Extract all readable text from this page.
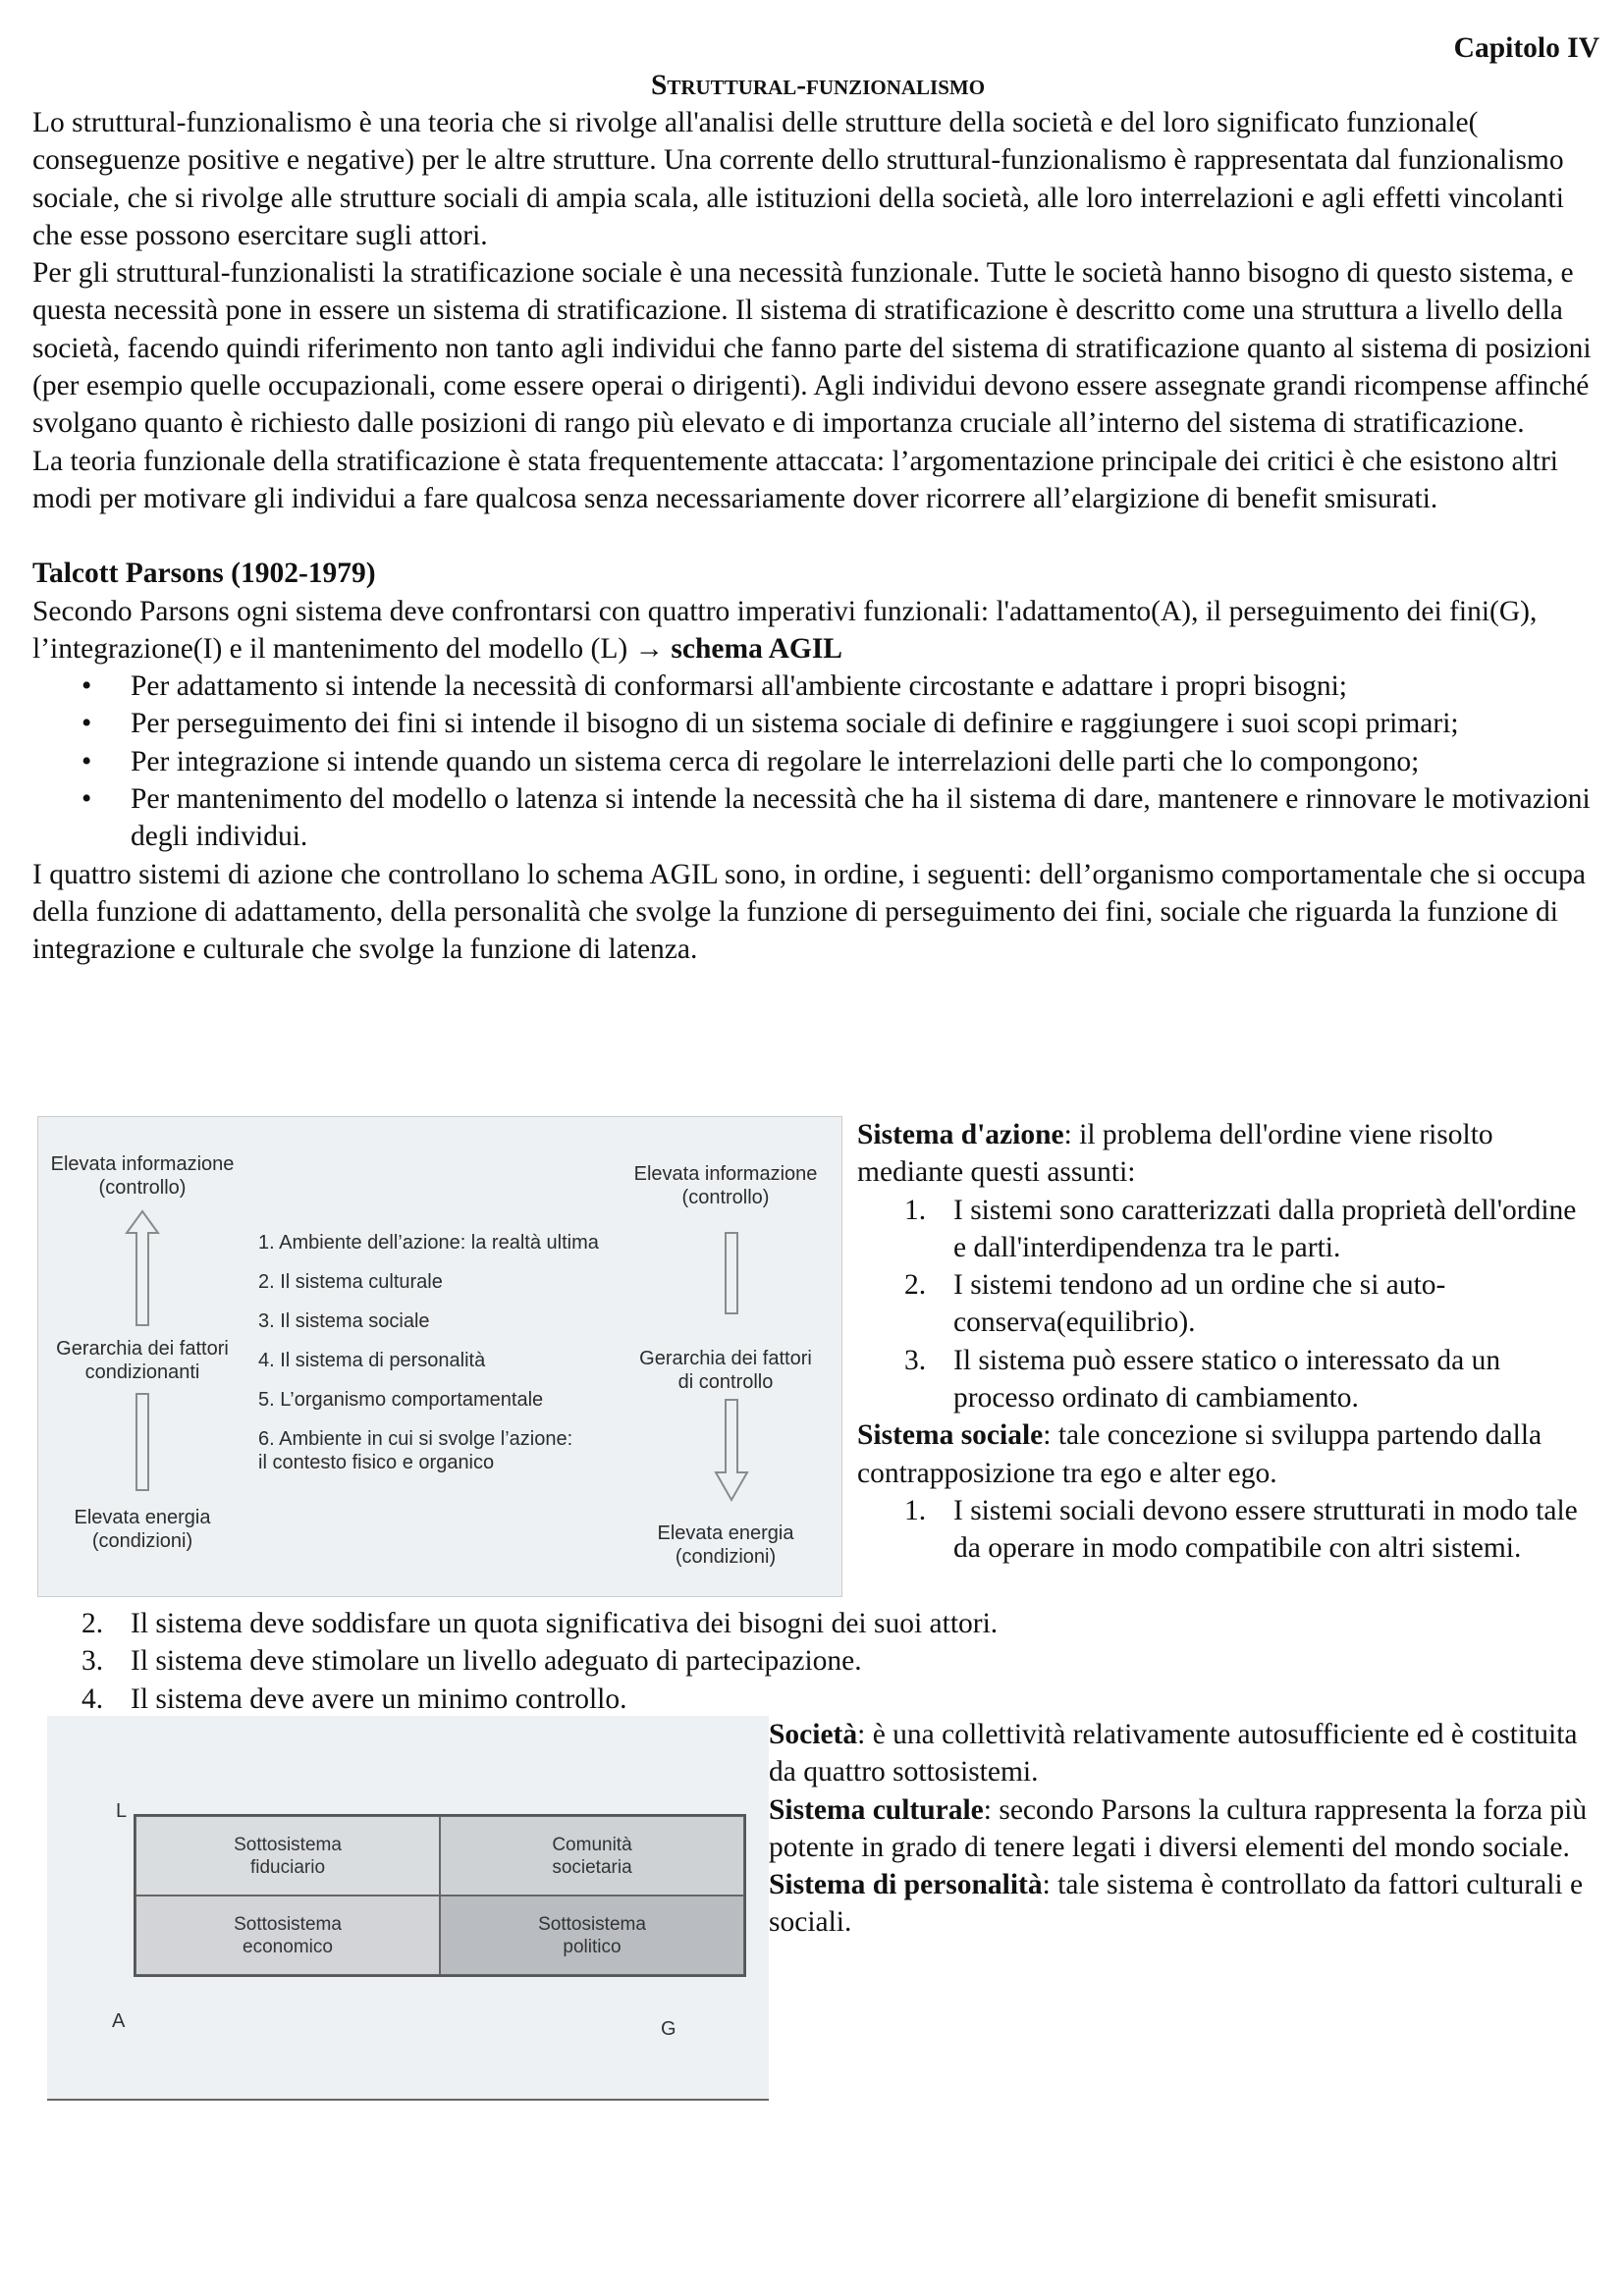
Capitolo IV
Struttural-funzionalismo

Lo struttural-funzionalismo è una teoria che si rivolge all'analisi delle strutture della società e del loro significato funzionale( conseguenze positive e negative) per le altre strutture. Una corrente dello struttural-funzionalismo è rappresentata dal funzionalismo sociale, che si rivolge alle strutture sociali di ampia scala, alle istituzioni della società, alle loro interrelazioni e agli effetti vincolanti che esse possono esercitare sugli attori.

Per gli struttural-funzionalisti la stratificazione sociale è una necessità funzionale. Tutte le società hanno bisogno di questo sistema, e questa necessità pone in essere un sistema di stratificazione. Il sistema di stratificazione è descritto come una struttura a livello della società, facendo quindi riferimento non tanto agli individui che fanno parte del sistema di stratificazione quanto al sistema di posizioni (per esempio quelle occupazionali, come essere operai o dirigenti). Agli individui devono essere assegnate grandi ricompense affinché svolgano quanto è richiesto dalle posizioni di rango più elevato e di importanza cruciale all’interno del sistema di stratificazione.

La teoria funzionale della stratificazione è stata frequentemente attaccata: l’argomentazione principale dei critici è che esistono altri modi per motivare gli individui a fare qualcosa senza necessariamente dover ricorrere all’elargizione di benefit smisurati.

Talcott Parsons (1902-1979)

Secondo Parsons ogni sistema deve confrontarsi con quattro imperativi funzionali: l'adattamento(A), il perseguimento dei fini(G), l’integrazione(I) e il mantenimento del modello (L) → schema AGIL

• Per adattamento si intende la necessità di conformarsi all'ambiente circostante e adattare i propri bisogni;
• Per perseguimento dei fini si intende il bisogno di un sistema sociale di definire e raggiungere i suoi scopi primari;
• Per integrazione si intende quando un sistema cerca di regolare le interrelazioni delle parti che lo compongono;
• Per mantenimento del modello o latenza si intende la necessità che ha il sistema di dare, mantenere e rinnovare le motivazioni degli individui.

I quattro sistemi di azione che controllano lo schema AGIL sono, in ordine, i seguenti: dell’organismo comportamentale che si occupa della funzione di adattamento, della personalità che svolge la funzione di perseguimento dei fini, sociale che riguarda la funzione di integrazione e culturale che svolge la funzione di latenza.

Elevata informazione
(controllo)
Elevata informazione
(controllo)
Gerarchia dei fattori
condizionanti
Gerarchia dei fattori
di controllo
Elevata energia
(condizioni)	Elevata energia
(condizioni)
1. Ambiente dell’azione: la realtà ultima
2. Il sistema culturale
3. Il sistema sociale
4. Il sistema di personalità
5. L’organismo comportamentale
6. Ambiente in cui si svolge l’azione:
il contesto fisico e organico

Sistema d'azione: il problema dell'ordine viene risolto mediante questi assunti:

1. I sistemi sono caratterizzati dalla proprietà dell'ordine e dall'interdipendenza tra le parti.
2. I sistemi tendono ad un ordine che si auto-conserva(equilibrio).
3. Il sistema può essere statico o interessato da un processo ordinato di cambiamento.

Sistema sociale: tale concezione si sviluppa partendo dalla contrapposizione tra ego e alter ego.

1. I sistemi sociali devono essere strutturati in modo tale da operare in modo compatibile con altri sistemi.
2. Il sistema deve soddisfare un quota significativa dei bisogni dei suoi attori.
3. Il sistema deve stimolare un livello adeguato di partecipazione.
4. Il sistema deve avere un minimo controllo.
L
A	G
Sottosistema
fiduciario
Comunità
societaria
Sottosistema
economico
Sottosistema
politico

Società: è una collettività relativamente autosufficiente ed è costituita da quattro sottosistemi.

Sistema culturale: secondo Parsons la cultura rappresenta la forza più potente in grado di tenere legati i diversi elementi del mondo sociale.

Sistema di personalità: tale sistema è controllato da fattori culturali e sociali.
